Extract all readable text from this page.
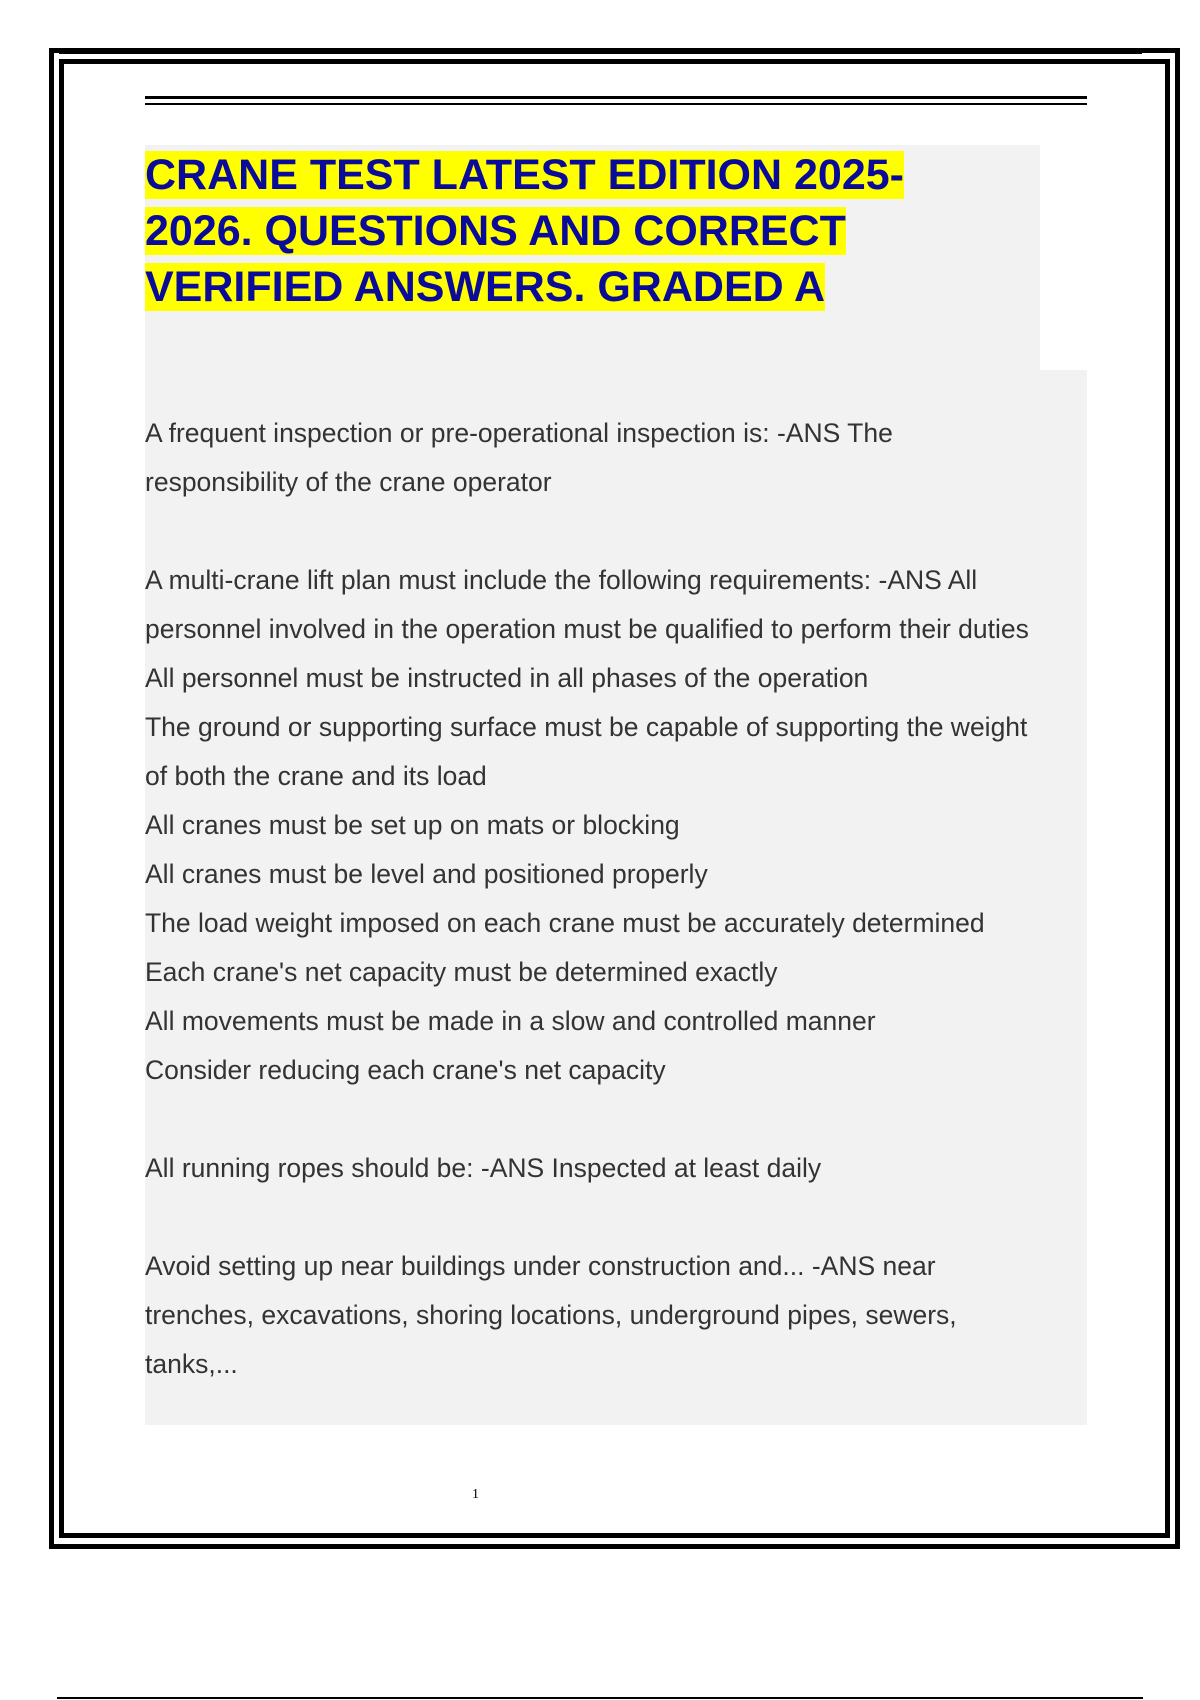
CRANE TEST LATEST EDITION 2025-
2026. QUESTIONS AND CORRECT
VERIFIED ANSWERS. GRADED A
A frequent inspection or pre-operational inspection is: -ANS The
responsibility of the crane operator
A multi-crane lift plan must include the following requirements: -ANS All
personnel involved in the operation must be qualified to perform their duties
All personnel must be instructed in all phases of the operation
The ground or supporting surface must be capable of supporting the weight
of both the crane and its load
All cranes must be set up on mats or blocking
All cranes must be level and positioned properly
The load weight imposed on each crane must be accurately determined
Each crane's net capacity must be determined exactly
All movements must be made in a slow and controlled manner
Consider reducing each crane's net capacity
All running ropes should be: -ANS Inspected at least daily
Avoid setting up near buildings under construction and... -ANS near
trenches, excavations, shoring locations, underground pipes, sewers,
tanks,...
1
